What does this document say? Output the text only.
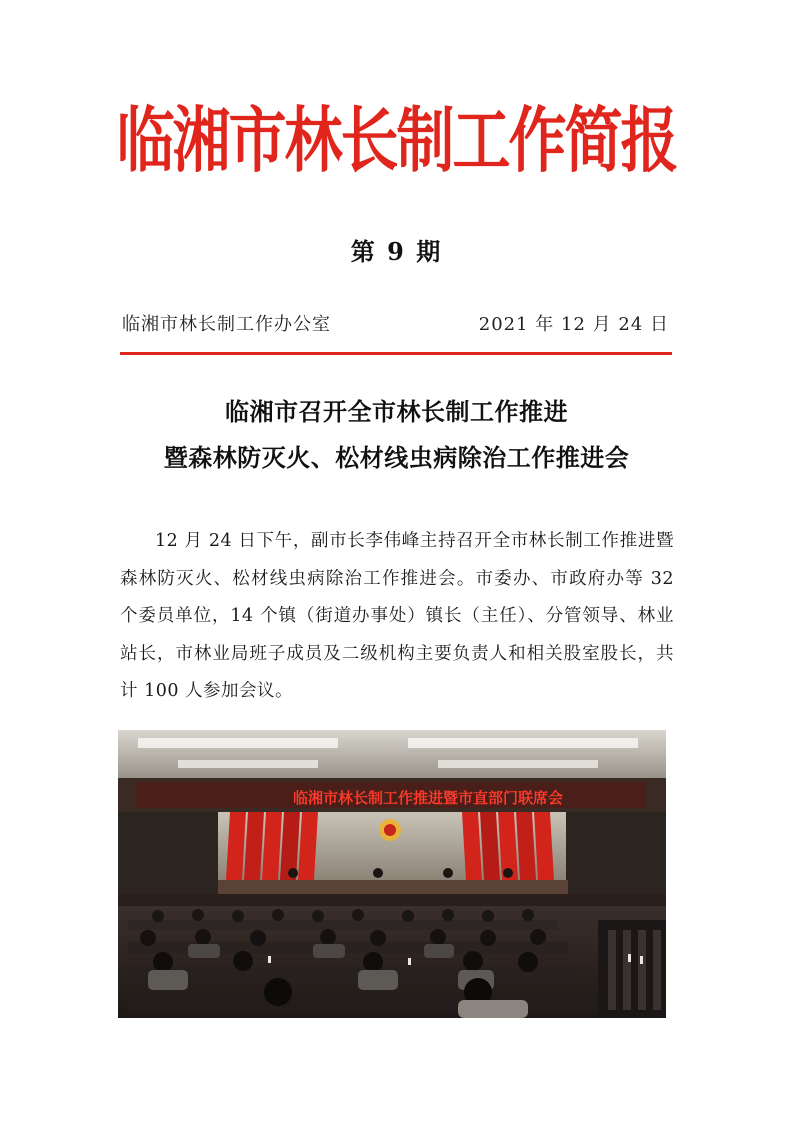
临湘市林长制工作简报
第 9 期
临湘市林长制工作办公室	2021 年 12 月 24 日
临湘市召开全市林长制工作推进
暨森林防灭火、松材线虫病除治工作推进会
12 月 24 日下午，副市长李伟峰主持召开全市林长制工作推进暨森林防灭火、松材线虫病除治工作推进会。市委办、市政府办等 32 个委员单位，14 个镇（街道办事处）镇长（主任）、分管领导、林业站长，市林业局班子成员及二级机构主要负责人和相关股室股长，共计 100 人参加会议。
临湘市林长制工作推进暨市直部门联席会
